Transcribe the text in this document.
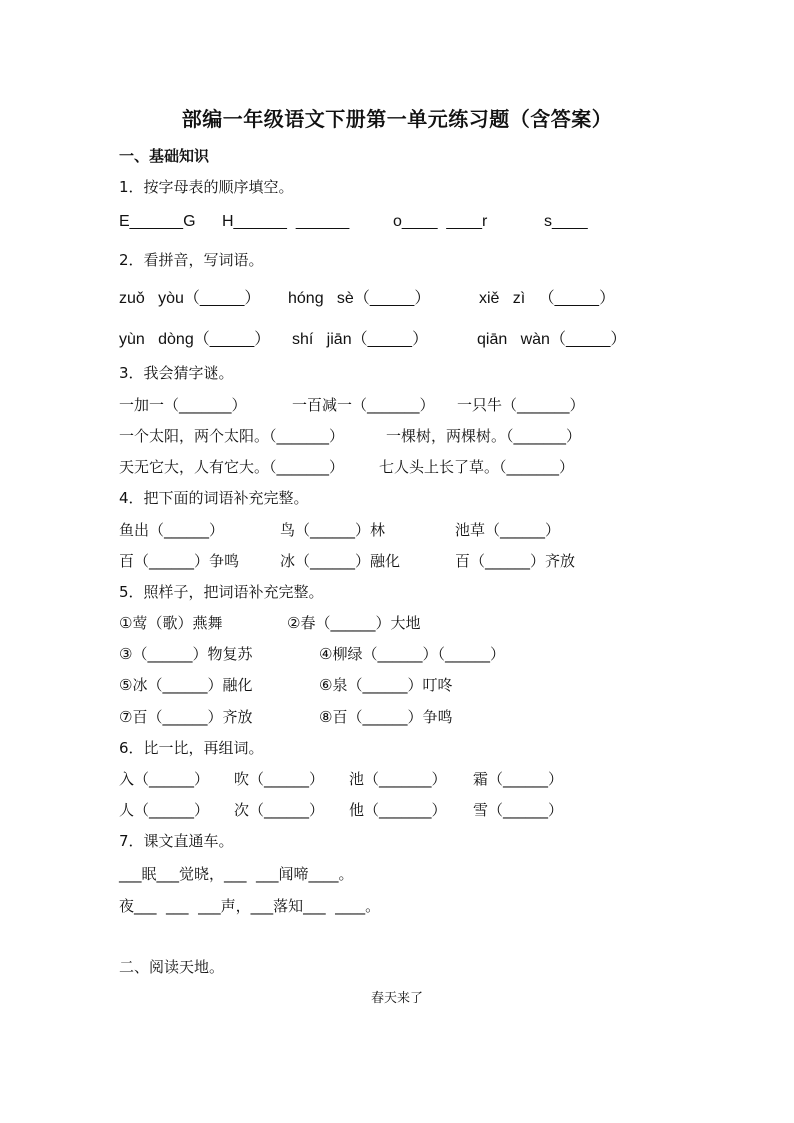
部编一年级语文下册第一单元练习题（含答案）
一、基础知识
1．按字母表的顺序填空。
E______G H______  ______	o____  ____r	s____
2．看拼音，写词语。
zuǒ   yòu（_____） hóng   sè（_____）	xiě   zì   （_____）
yùn   dòng（_____） shí   jiān（_____）	qiān   wàn（_____）
3．我会猜字谜。
一加一（_______）	一百减一（_______） 一只牛（_______）
一个太阳，两个太阳。（_______）	一棵树，两棵树。（_______）
天无它大，人有它大。（_______） 七人头上长了草。（_______）
4．把下面的词语补充完整。
鱼出（______）	鸟（______）林	池草（______）
百（______）争鸣	冰（______）融化	百（______）齐放
5．照样子，把词语补充完整。
①莺（歌）燕舞	②春（______）大地
③（______）物复苏	④柳绿（______）（______）
⑤冰（______）融化	⑥泉（______）叮咚
⑦百（______）齐放	⑧百（______）争鸣
6．比一比，再组词。
入（______） 吹（______） 池（_______） 霜（______）
人（______） 次（______） 他（_______） 雪（______）
7．课文直通车。
___眠___觉晓，___  ___闻啼____。
夜___  ___  ___声，___落知___  ____。
二、阅读天地。
春天来了
